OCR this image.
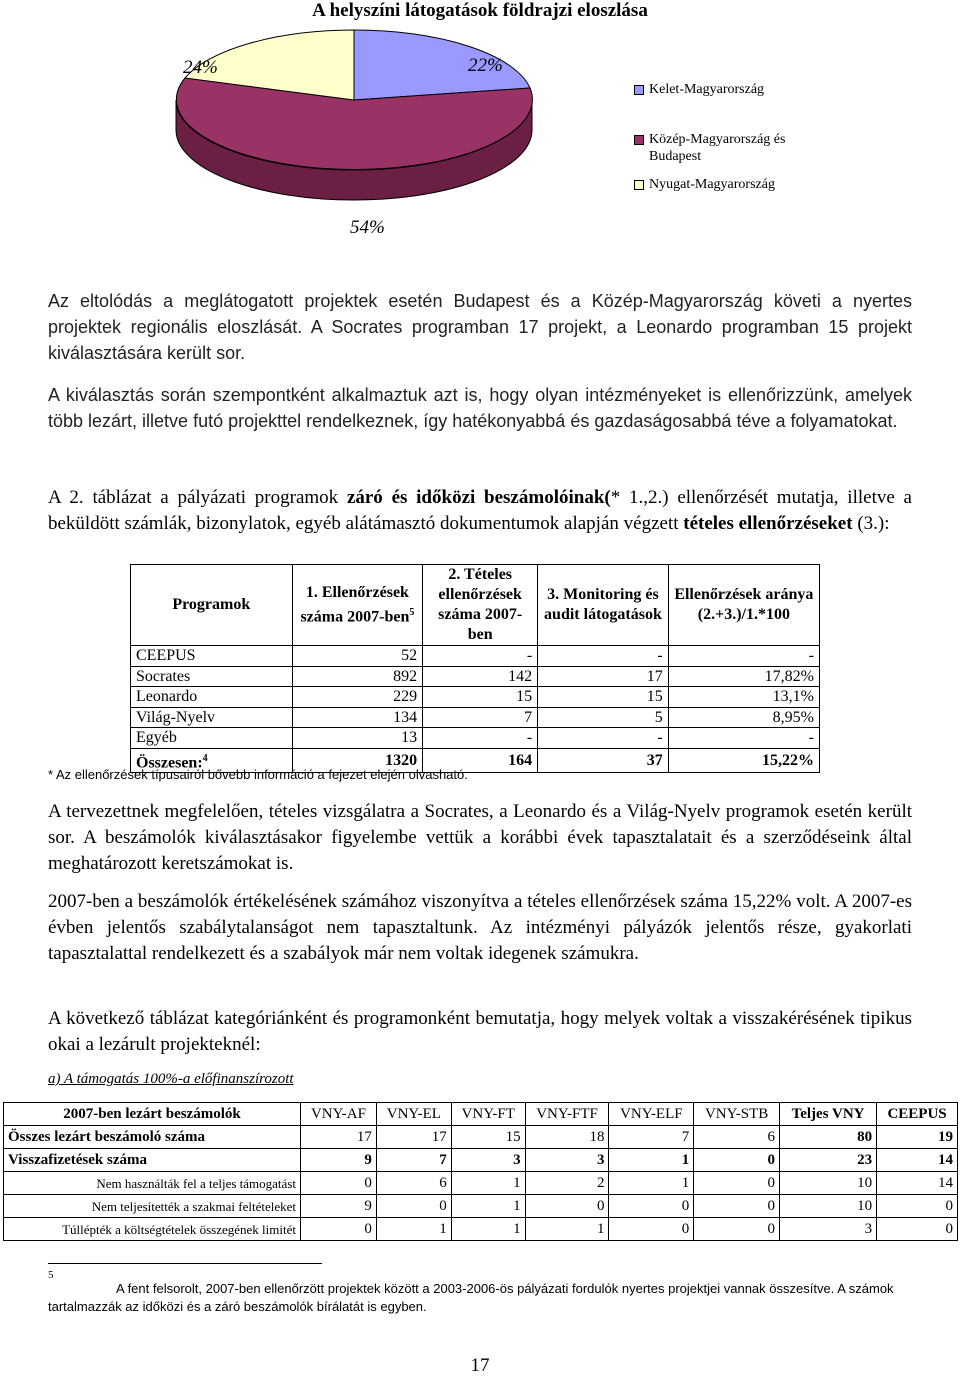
A helyszíni látogatások földrajzi eloszlása
24%	22%
54%
Kelet-Magyarország
Közép-Magyarország és Budapest
Nyugat-Magyarország
Az eltolódás a meglátogatott projektek esetén Budapest és a Közép-Magyarország követi a nyertes projektek regionális eloszlását. A Socrates programban 17 projekt, a Leonardo programban 15 projekt kiválasztására került sor.
A kiválasztás során szempontként alkalmaztuk azt is, hogy olyan intézményeket is ellenőrizzünk, amelyek több lezárt, illetve futó projekttel rendelkeznek, így hatékonyabbá és gazdaságosabbá téve a folyamatokat.
A 2. táblázat a pályázati programok záró és időközi beszámolóinak(* 1.,2.) ellenőrzését mutatja, illetve a beküldött számlák, bizonylatok, egyéb alátámasztó dokumentumok alapján végzett tételes ellenőrzéseket (3.):
Programok	1. Ellenőrzések száma 2007-ben$^5$	2. Tételes ellenőrzések száma 2007-ben	3. Monitoring és audit látogatások	Ellenőrzések aránya (2.+3.)/1.*100
CEEPUS	52	-	-	-
Socrates	892	142	17	17,82%
Leonardo	229	15	15	13,1%
Világ-Nyelv	134	7	5	8,95%
Egyéb	13	-	-	-
Összesen:$^4$	1320	164	37	15,22%
* Az ellenőrzések típusairól bővebb információ a fejezet elején olvasható.
A tervezettnek megfelelően, tételes vizsgálatra a Socrates, a Leonardo és a Világ-Nyelv programok esetén került sor. A beszámolók kiválasztásakor figyelembe vettük a korábbi évek tapasztalatait és a szerződéseink által meghatározott keretszámokat is.
2007-ben a beszámolók értékelésének számához viszonyítva a tételes ellenőrzések száma 15,22% volt. A 2007-es évben jelentős szabálytalanságot nem tapasztaltunk. Az intézményi pályázók jelentős része, gyakorlati tapasztalattal rendelkezett és a szabályok már nem voltak idegenek számukra.
A következő táblázat kategóriánként és programonként bemutatja, hogy melyek voltak a visszakérésének tipikus okai a lezárult projekteknél:
a) A támogatás 100%-a előfinanszírozott
2007-ben lezárt beszámolók	VNY-AF	VNY-EL	VNY-FT	VNY-FTF	VNY-ELF	VNY-STB	Teljes VNY	CEEPUS
Összes lezárt beszámoló száma	17	17	15	18	7	6	80	19
Visszafizetések száma	9	7	3	3	1	0	23	14
Nem használták fel a teljes támogatást	0	6	1	2	1	0	10	14
Nem teljesítették a szakmai feltételeket	9	0	1	0	0	0	10	0
Túllépték a költségtételek összegének limitét	0	1	1	1	0	0	3	0
5
A fent felsorolt, 2007-ben ellenőrzött projektek között a 2003-2006-ös pályázati fordulók nyertes projektjei vannak összesítve. A számok tartalmazzák az időközi és a záró beszámolók bírálatát is egyben.
17
